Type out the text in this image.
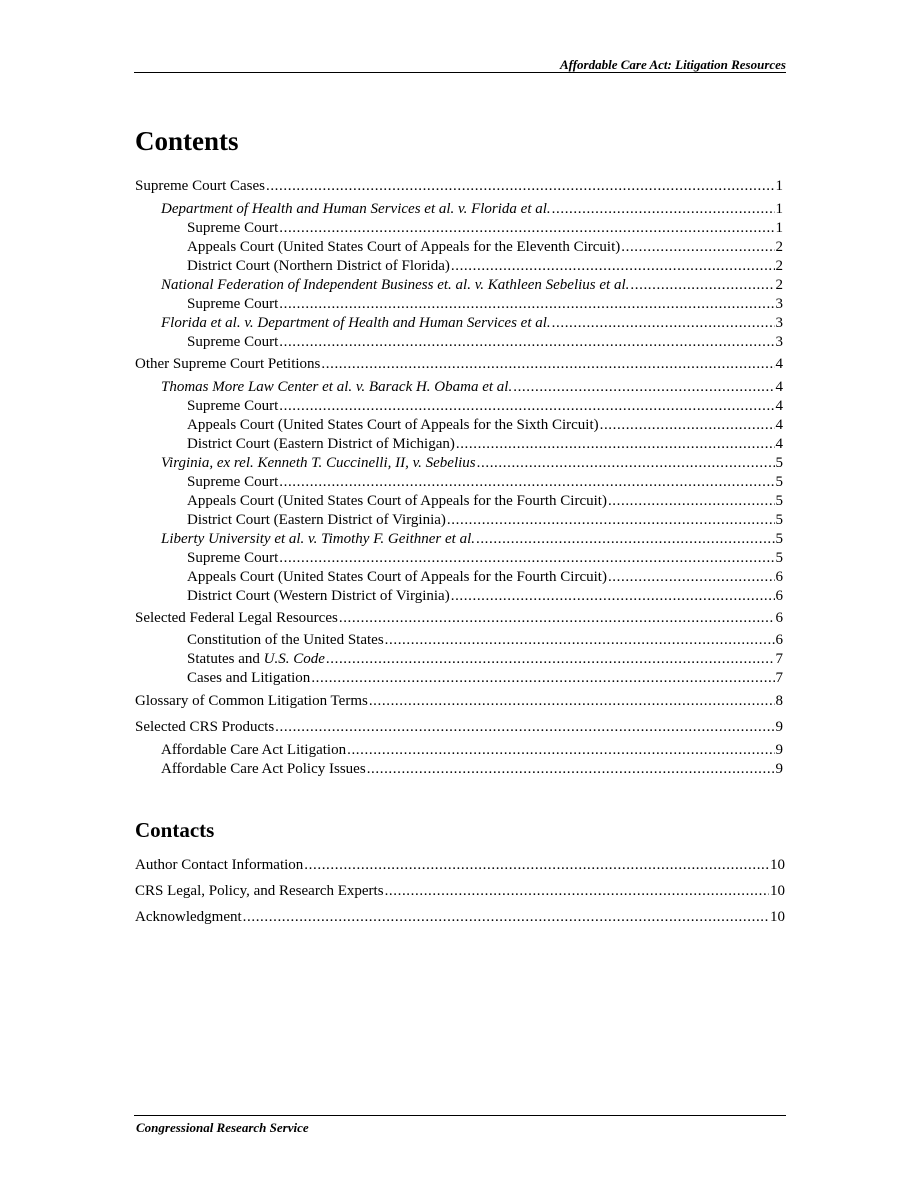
Affordable Care Act: Litigation Resources
Contents
Supreme Court Cases .....	1
Department of Health and Human Services et al. v. Florida et al. .....	1
Supreme Court .....	1
Appeals Court (United States Court of Appeals for the Eleventh Circuit) .....	2
District Court (Northern District of Florida) .....	2
National Federation of Independent Business et. al. v. Kathleen Sebelius et al. .....	2
Supreme Court .....	3
Florida et al. v. Department of Health and Human Services et al. .....	3
Supreme Court .....	3
Other Supreme Court Petitions .....	4
Thomas More Law Center et al. v. Barack H. Obama et al. .....	4
Supreme Court .....	4
Appeals Court (United States Court of Appeals for the Sixth Circuit) .....	4
District Court (Eastern District of Michigan) .....	4
Virginia, ex rel. Kenneth T. Cuccinelli, II, v. Sebelius .....	5
Supreme Court .....	5
Appeals Court (United States Court of Appeals for the Fourth Circuit) .....	5
District Court (Eastern District of Virginia) .....	5
Liberty University et al. v. Timothy F. Geithner et al. .....	5
Supreme Court .....	5
Appeals Court (United States Court of Appeals for the Fourth Circuit) .....	6
District Court (Western District of Virginia) .....	6
Selected Federal Legal Resources .....	6
Constitution of the United States .....	6
Statutes and U.S. Code .....	7
Cases and Litigation .....	7
Glossary of Common Litigation Terms .....	8
Selected CRS Products .....	9
Affordable Care Act Litigation .....	9
Affordable Care Act Policy Issues .....	9
Contacts
Author Contact Information .....	10
CRS Legal, Policy, and Research Experts .....	10
Acknowledgment .....	10
Congressional Research Service
